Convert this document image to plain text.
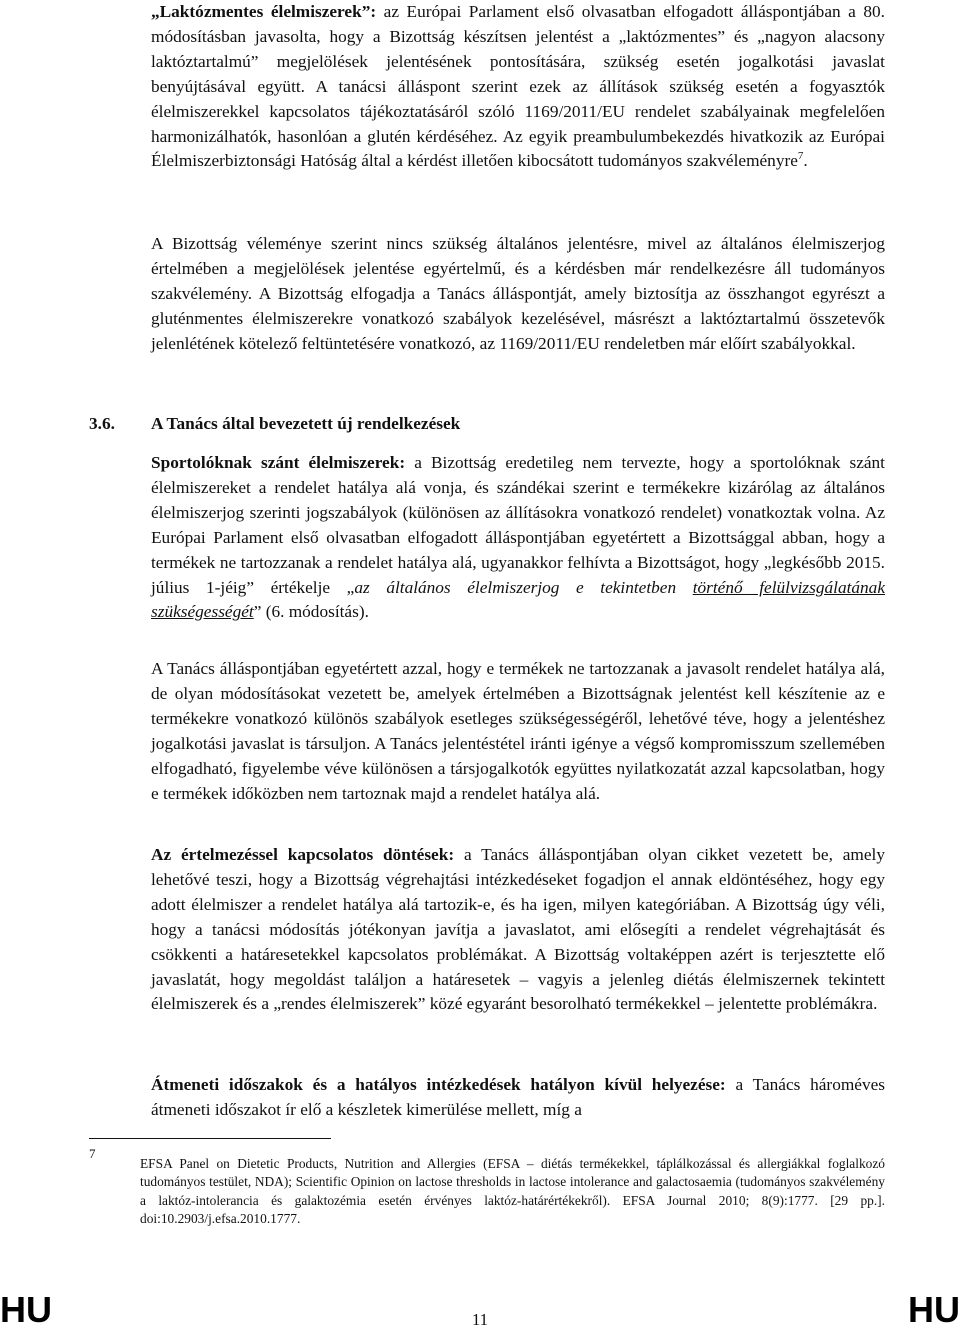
„Laktózmentes élelmiszerek”: az Európai Parlament első olvasatban elfogadott álláspontjában a 80. módosításban javasolta, hogy a Bizottság készítsen jelentést a „laktózmentes” és „nagyon alacsony laktóztartalmú” megjelölések jelentésének pontosítására, szükség esetén jogalkotási javaslat benyújtásával együtt. A tanácsi álláspont szerint ezek az állítások szükség esetén a fogyasztók élelmiszerekkel kapcsolatos tájékoztatásáról szóló 1169/2011/EU rendelet szabályainak megfelelően harmonizálhatók, hasonlóan a glutén kérdéséhez. Az egyik preambulumbekezdés hivatkozik az Európai Élelmiszerbiztonsági Hatóság által a kérdést illetően kibocsátott tudományos szakvéleményre$^7$.

A Bizottság véleménye szerint nincs szükség általános jelentésre, mivel az általános élelmiszerjog értelmében a megjelölések jelentése egyértelmű, és a kérdésben már rendelkezésre áll tudományos szakvélemény. A Bizottság elfogadja a Tanács álláspontját, amely biztosítja az összhangot egyrészt a gluténmentes élelmiszerekre vonatkozó szabályok kezelésével, másrészt a laktóztartalmú összetevők jelenlétének kötelező feltüntetésére vonatkozó, az 1169/2011/EU rendeletben már előírt szabályokkal.

3.6. A Tanács által bevezetett új rendelkezések

Sportolóknak szánt élelmiszerek: a Bizottság eredetileg nem tervezte, hogy a sportolóknak szánt élelmiszereket a rendelet hatálya alá vonja, és szándékai szerint e termékekre kizárólag az általános élelmiszerjog szerinti jogszabályok (különösen az állításokra vonatkozó rendelet) vonatkoztak volna. Az Európai Parlament első olvasatban elfogadott álláspontjában egyetértett a Bizottsággal abban, hogy a termékek ne tartozzanak a rendelet hatálya alá, ugyanakkor felhívta a Bizottságot, hogy „legkésőbb 2015. július 1-jéig” értékelje „az általános élelmiszerjog e tekintetben történő felülvizsgálatának szükségességét” (6. módosítás).

A Tanács álláspontjában egyetértett azzal, hogy e termékek ne tartozzanak a javasolt rendelet hatálya alá, de olyan módosításokat vezetett be, amelyek értelmében a Bizottságnak jelentést kell készítenie az e termékekre vonatkozó különös szabályok esetleges szükségességéről, lehetővé téve, hogy a jelentéshez jogalkotási javaslat is társuljon. A Tanács jelentéstétel iránti igénye a végső kompromisszum szellemében elfogadható, figyelembe véve különösen a társjogalkotók együttes nyilatkozatát azzal kapcsolatban, hogy e termékek időközben nem tartoznak majd a rendelet hatálya alá.

Az értelmezéssel kapcsolatos döntések: a Tanács álláspontjában olyan cikket vezetett be, amely lehetővé teszi, hogy a Bizottság végrehajtási intézkedéseket fogadjon el annak eldöntéséhez, hogy egy adott élelmiszer a rendelet hatálya alá tartozik-e, és ha igen, milyen kategóriában. A Bizottság úgy véli, hogy a tanácsi módosítás jótékonyan javítja a javaslatot, ami elősegíti a rendelet végrehajtását és csökkenti a határesetekkel kapcsolatos problémákat. A Bizottság voltaképpen azért is terjesztette elő javaslatát, hogy megoldást találjon a határesetek – vagyis a jelenleg diétás élelmiszernek tekintett élelmiszerek és a „rendes élelmiszerek” közé egyaránt besorolható termékekkel – jelentette problémákra.

Átmeneti időszakok és a hatályos intézkedések hatályon kívül helyezése: a Tanács hároméves átmeneti időszakot ír elő a készletek kimerülése mellett, míg a

7

EFSA Panel on Dietetic Products, Nutrition and Allergies (EFSA – diétás termékekkel, táplálkozással és allergiákkal foglalkozó tudományos testület, NDA); Scientific Opinion on lactose thresholds in lactose intolerance and galactosaemia (tudományos szakvélemény a laktóz-intolerancia és galaktozémia esetén érvényes laktóz-határértékekről). EFSA Journal 2010; 8(9):1777. [29 pp.]. doi:10.2903/j.efsa.2010.1777.

HU	11	HU
